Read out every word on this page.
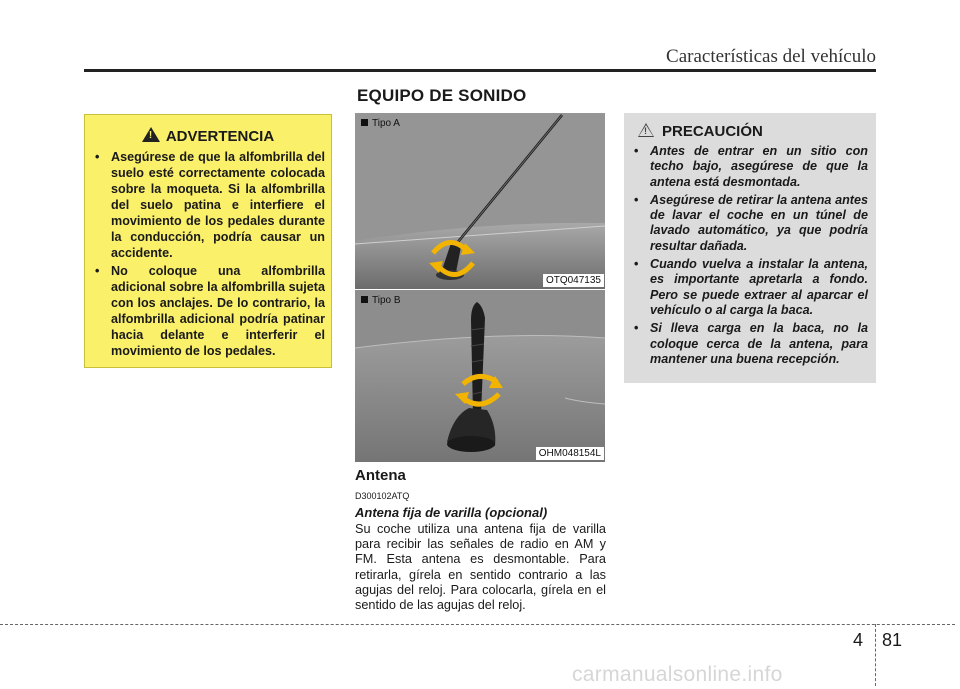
Características del vehículo
EQUIPO DE SONIDO
!ADVERTENCIA
• Asegúrese de que la alfombrilla del suelo esté correctamente colocada sobre la moqueta. Si la alfombrilla del suelo patina e interfiere el movimiento de los pedales durante la conducción, podría causar un accidente.
• No coloque una alfombrilla adicional sobre la alfombrilla sujeta con los anclajes. De lo contrario, la alfombrilla adicional podría patinar hacia delante e interferir el movimiento de los pedales.
Tipo A
OTQ047135
Tipo B
OHM048154L
!PRECAUCIÓN
• Antes de entrar en un sitio con techo bajo, asegúrese de que la antena está desmontada.
• Asegúrese de retirar la antena antes de lavar el coche en un túnel de lavado automático, ya que podría resultar dañada.
• Cuando vuelva a instalar la antena, es importante apretarla a fondo. Pero se puede extraer al aparcar el vehículo o al carga la baca.
• Si lleva carga en la baca, no la coloque cerca de la antena, para mantener una buena recepción.
Antena
D300102ATQ
Antena fija de varilla (opcional)

Su coche utiliza una antena fija de varilla para recibir las señales de radio en AM y FM. Esta antena es desmontable. Para retirarla, gírela en sentido contrario a las agujas del reloj. Para colocarla, gírela en el sentido de las agujas del reloj.

4 81
carmanualsonline.info
